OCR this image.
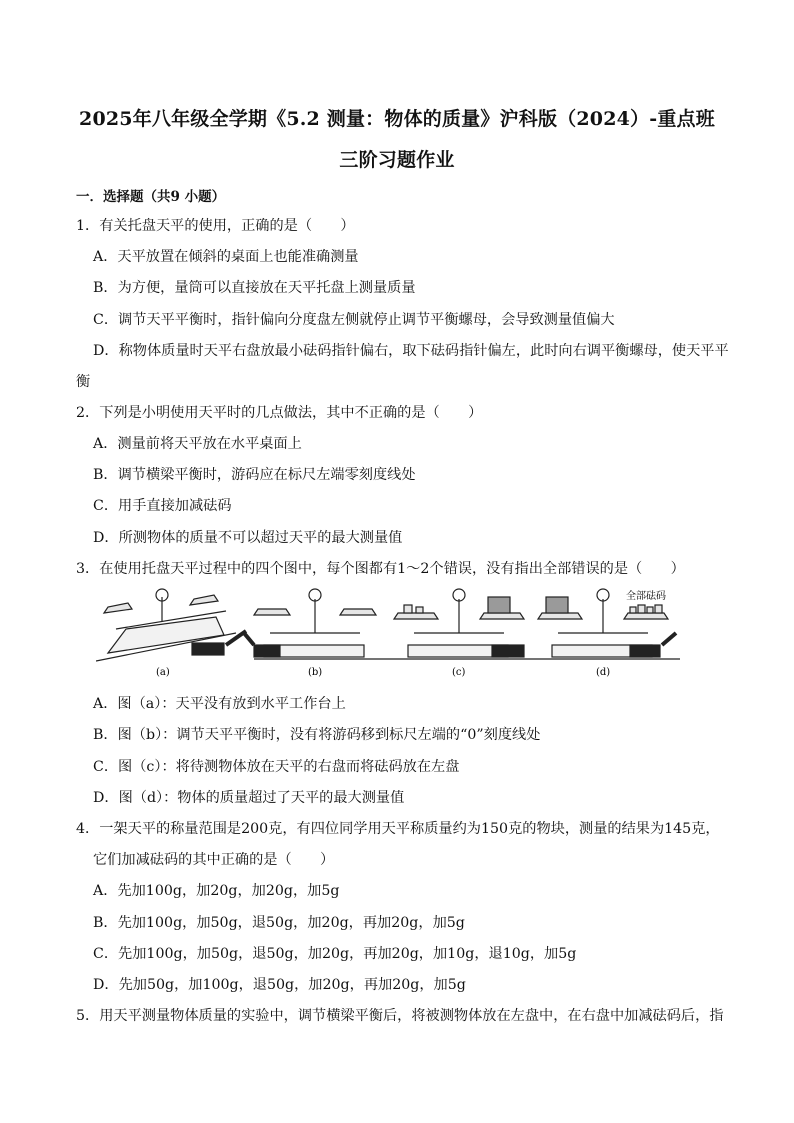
2025年八年级全学期《5.2 测量：物体的质量》沪科版（2024）-重点班
三阶习题作业
一．选择题（共9 小题）
1．有关托盘天平的使用，正确的是（　　）
A．天平放置在倾斜的桌面上也能准确测量
B．为方便，量筒可以直接放在天平托盘上测量质量
C．调节天平平衡时，指针偏向分度盘左侧就停止调节平衡螺母，会导致测量值偏大
D．称物体质量时天平右盘放最小砝码指针偏右，取下砝码指针偏左，此时向右调平衡螺母，使天平平
衡
2．下列是小明使用天平时的几点做法，其中不正确的是（　　）
A．测量前将天平放在水平桌面上
B．调节横梁平衡时，游码应在标尺左端零刻度线处
C．用手直接加减砝码
D．所测物体的质量不可以超过天平的最大测量值
3．在使用托盘天平过程中的四个图中，每个图都有1～2个错误，没有指出全部错误的是（　　）
全部砝码
(a)	(b)	(c)	(d)
A．图（a）：天平没有放到水平工作台上
B．图（b）：调节天平平衡时，没有将游码移到标尺左端的“0”刻度线处
C．图（c）：将待测物体放在天平的右盘而将砝码放在左盘
D．图（d）：物体的质量超过了天平的最大测量值
4．一架天平的称量范围是200克，有四位同学用天平称质量约为150克的物块，测量的结果为145克，
它们加减砝码的其中正确的是（　　）
A．先加100g，加20g，加20g，加5g
B．先加100g，加50g，退50g，加20g，再加20g，加5g
C．先加100g，加50g，退50g，加20g，再加20g，加10g，退10g，加5g
D．先加50g，加100g，退50g，加20g，再加20g，加5g
5．用天平测量物体质量的实验中，调节横梁平衡后，将被测物体放在左盘中，在右盘中加减砝码后，指
